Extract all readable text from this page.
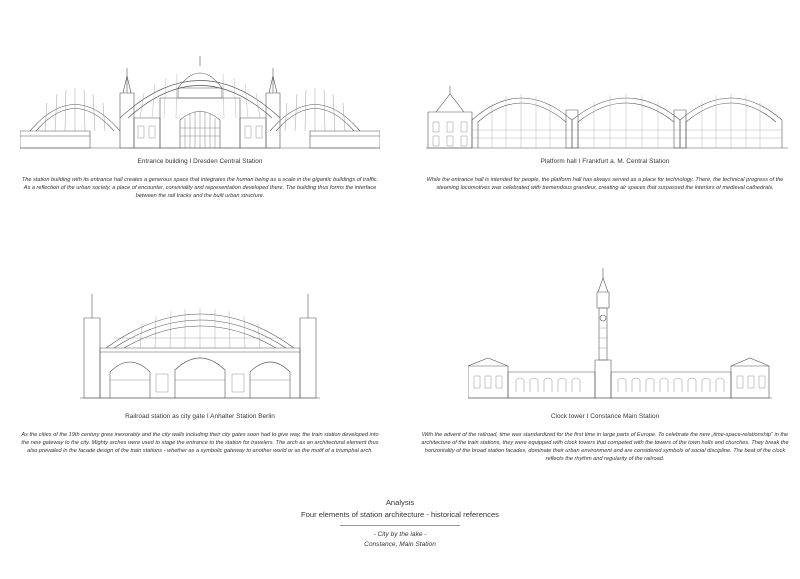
Entrance building I Dresden Central Station
The station building with its entrance hall creates a generous space that integrates the human being as a scale in the gigantic buildings of traffic. As a reflection of the urban society, a place of encounter, conviviality and representation developed there. The building thus forms the interface between the rail tracks and the built urban structure.
Platform hall I Frankfurt a. M. Central Station
While the entrance hall is intended for people, the platform hall has always served as a place for technology. There, the technical progress of the steaming locomotives was celebrated with tremendous grandeur, creating air spaces that surpassed the interiors of medieval cathedrals.
Railroad station as city gate I Anhalter Station Berlin
As the cities of the 19th century grew inexorably and the city walls including their city gates soon had to give way, the train station developed into the new gateway to the city. Mighty arches were used to stage the entrance to the station for travelers. The arch as an architectural element thus also prevailed in the facade design of the train stations - whether as a symbolic gateway to another world or as the motif of a triumphal arch.
Clock tower I Constance Main Station
With the advent of the railroad, time was standardized for the first time in large parts of Europe. To celebrate the new „time-space-relationship“ in the architecture of the train stations, they were equipped with clock towers that competed with the towers of the town halls and churches. They break the horizontality of the broad station facades, dominate their urban environment and are considered symbols of social discipline. The beat of the clock reflects the rhythm and regularity of the railroad.
Analysis
Four elements of station architecture - historical references
- City by the lake -
Constance, Main Station
